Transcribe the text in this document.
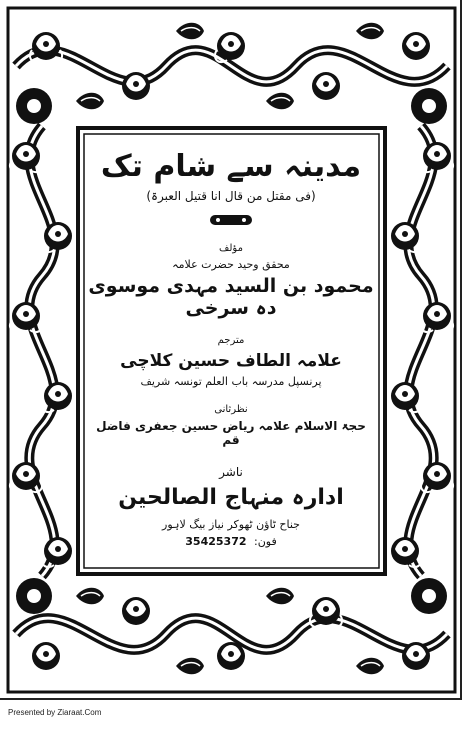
مدینہ سے شام تک
(فی مقتل من قال انا قتیل العبرۃ)
مؤلف
محقق وحید حضرت علامہ
محمود بن السید مہدی موسوی دہ سرخی
مترجم
علامہ الطاف حسین کلاچی
پرنسپل مدرسہ باب العلم تونسہ شریف
نظرثانی
حجۃ الاسلام علامہ ریاض حسین جعفری فاضل قم
ناشر
ادارہ منہاج الصالحین
جناح ٹاؤن ٹھوکر نیاز بیگ لاہور
فون: 35425372
Presented by Ziaraat.Com
